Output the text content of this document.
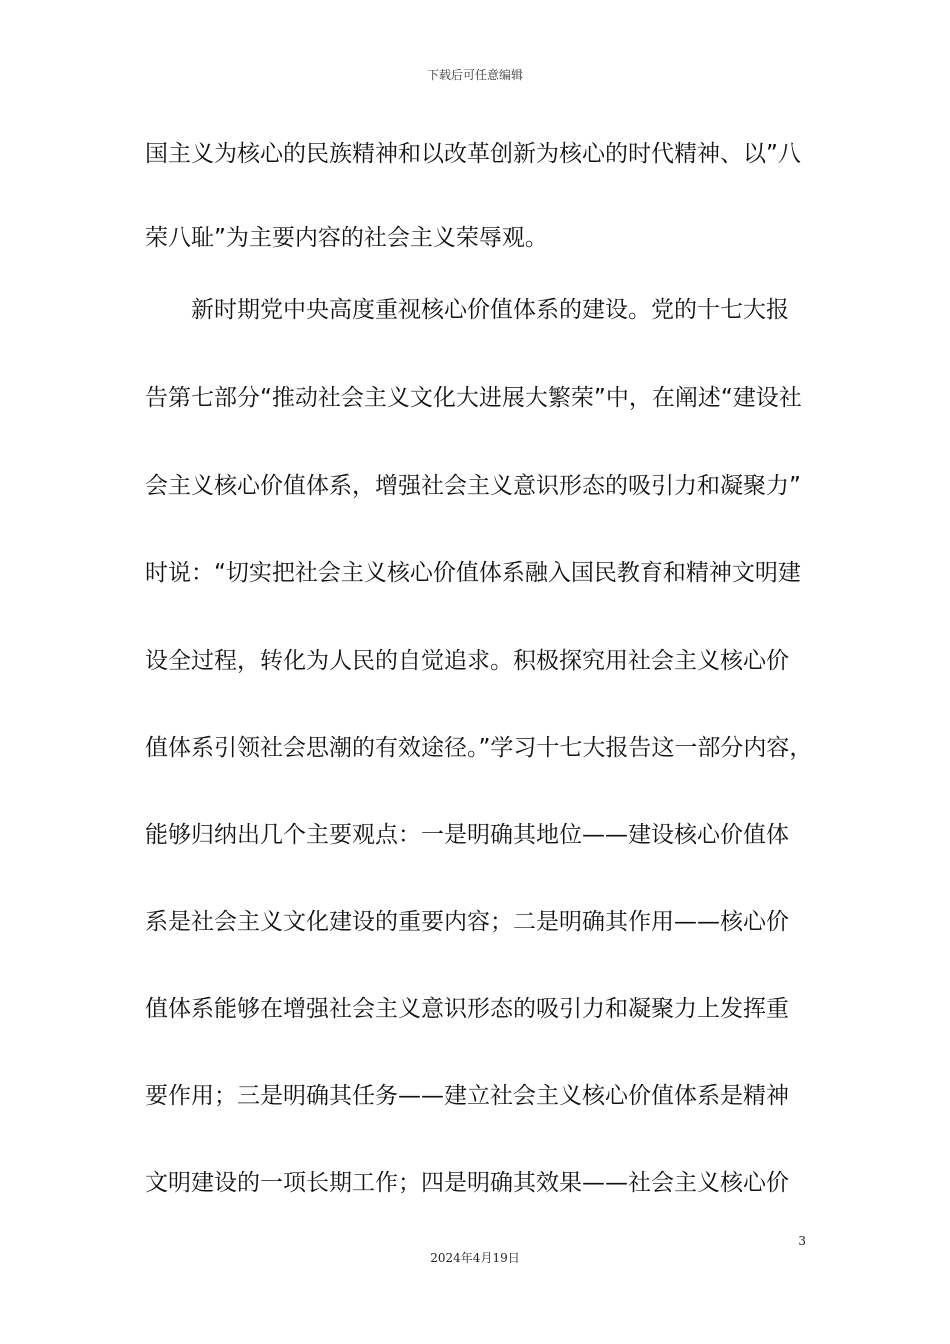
下载后可任意编辑
国主义为核心的民族精神和以改革创新为核心的时代精神、以”八
荣八耻”为主要内容的社会主义荣辱观。
　　新时期党中央高度重视核心价值体系的建设。党的十七大报
告第七部分“推动社会主义文化大进展大繁荣”中，在阐述“建设社
会主义核心价值体系，增强社会主义意识形态的吸引力和凝聚力”
时说：“切实把社会主义核心价值体系融入国民教育和精神文明建
设全过程，转化为人民的自觉追求。积极探究用社会主义核心价
值体系引领社会思潮的有效途径。”学习十七大报告这一部分内容，
能够归纳出几个主要观点：一是明确其地位——建设核心价值体
系是社会主义文化建设的重要内容；二是明确其作用——核心价
值体系能够在增强社会主义意识形态的吸引力和凝聚力上发挥重
要作用；三是明确其任务——建立社会主义核心价值体系是精神
文明建设的一项长期工作；四是明确其效果——社会主义核心价
3
2024年4月19日
